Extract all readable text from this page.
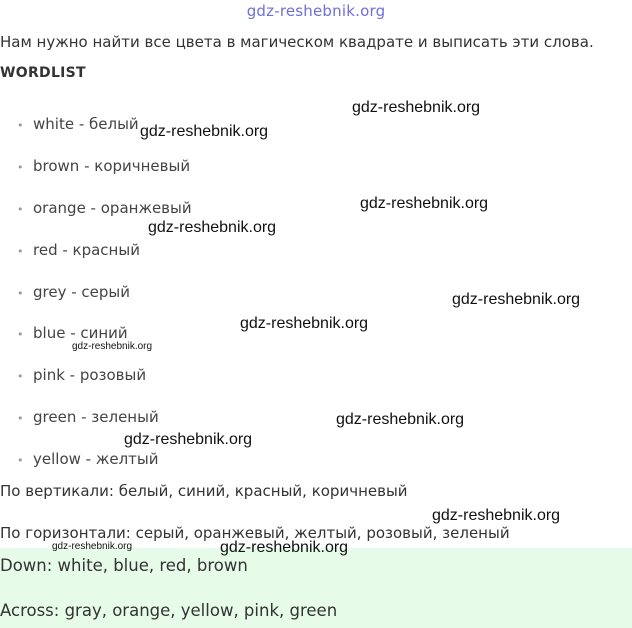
gdz-reshebnik.org
Нам нужно найти все цвета в магическом квадрате и выписать эти слова.
WORDLIST
• white - белый
• brown - коричневый
• orange - оранжевый
• red - красный
• grey - серый
• blue - синий
• pink - розовый
• green - зеленый
• yellow - желтый
По вертикали: белый, синий, красный, коричневый
По горизонтали: серый, оранжевый, желтый, розовый, зеленый
Down: white, blue, red, brown
Across: gray, orange, yellow, pink, green
gdz-reshebnik.org
gdz-reshebnik.org
gdz-reshebnik.org
gdz-reshebnik.org
gdz-reshebnik.org
gdz-reshebnik.org
gdz-reshebnik.org
gdz-reshebnik.org
gdz-reshebnik.org
gdz-reshebnik.org
gdz-reshebnik.org	gdz-reshebnik.org
